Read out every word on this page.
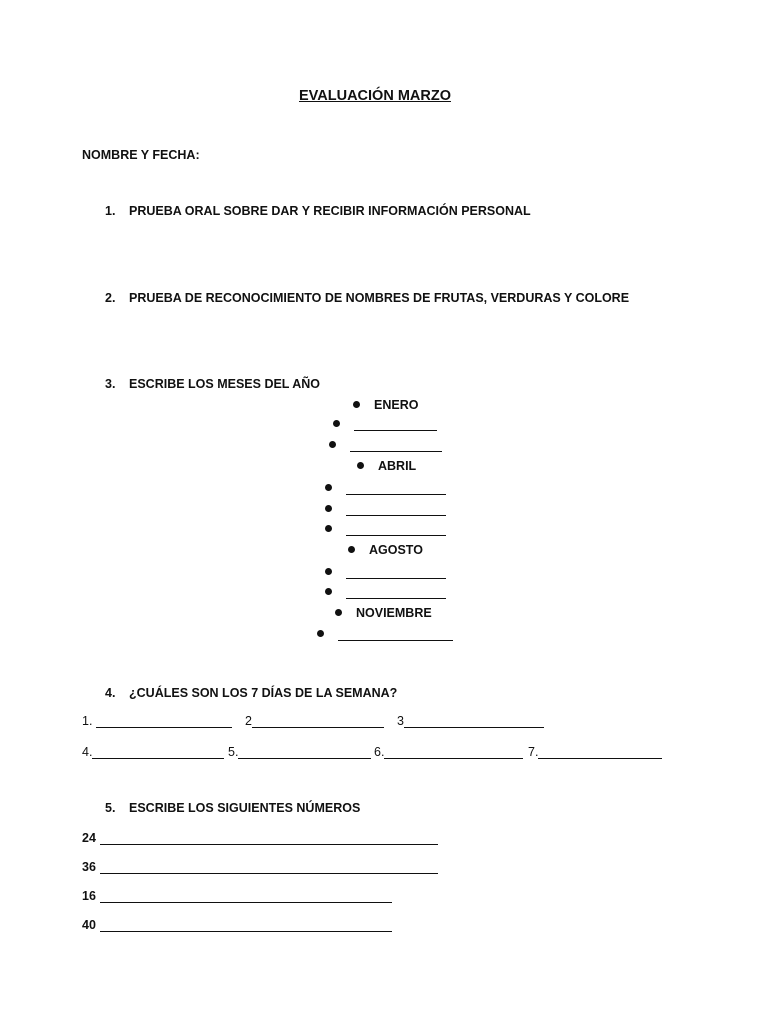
EVALUACIÓN MARZO
NOMBRE Y FECHA:
1. PRUEBA ORAL SOBRE DAR Y RECIBIR INFORMACIÓN PERSONAL
2. PRUEBA DE RECONOCIMIENTO DE NOMBRES DE FRUTAS, VERDURAS Y COLORE
3. ESCRIBE LOS MESES DEL AÑO
ENERO
ABRIL
AGOSTO
NOVIEMBRE
4. ¿CUÁLES SON LOS 7 DÍAS DE LA SEMANA?
1.	2	3
4.	5.	6.	7.
5. ESCRIBE LOS SIGUIENTES NÚMEROS
24
36
16
40
